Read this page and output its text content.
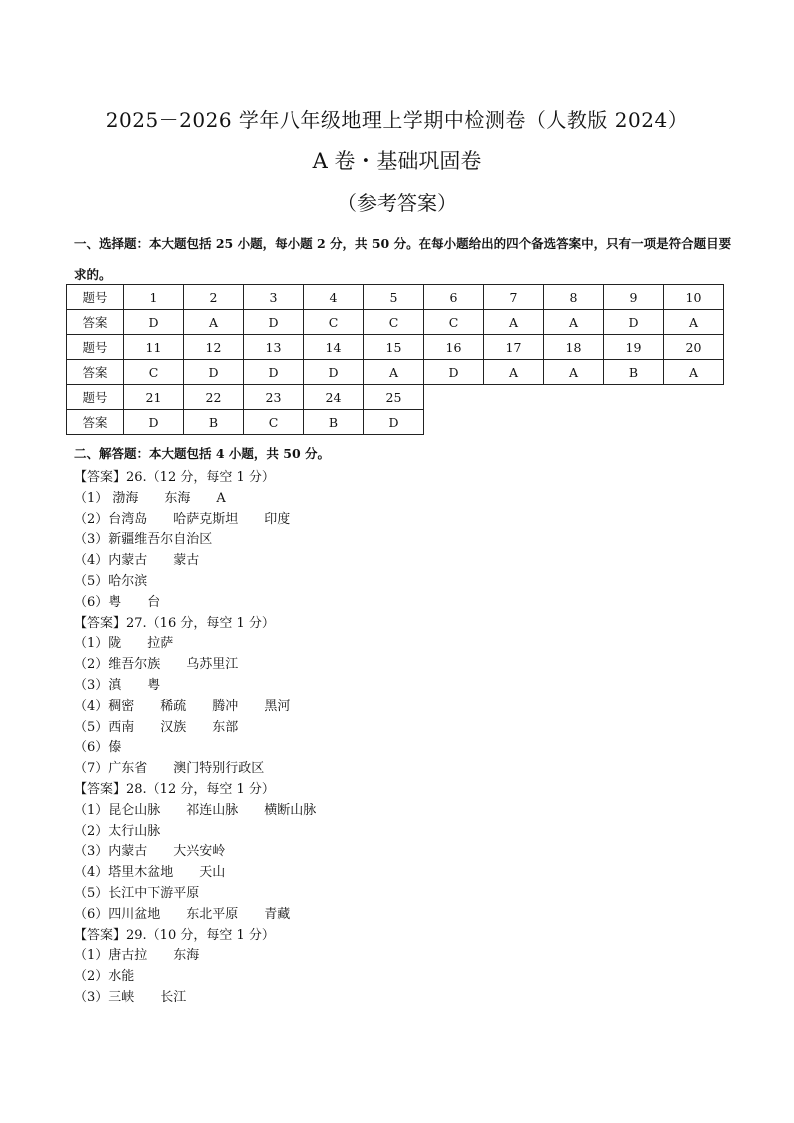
2025－2026 学年八年级地理上学期中检测卷（人教版 2024）
A 卷・基础巩固卷
（参考答案）
一、选择题：本大题包括 25 小题，每小题 2 分，共 50 分。在每小题给出的四个备选答案中，只有一项是符合题目要求的。
题号	1	2	3	4	5	6	7	8	9	10
答案	D	A	D	C	C	C	A	A	D	A
题号	11	12	13	14	15	16	17	18	19	20
答案	C	D	D	D	A	D	A	A	B	A
题号	21	22	23	24	25					
答案	D	B	C	B	D					
二、解答题：本大题包括 4 小题，共 50 分。
【答案】26.（12 分，每空 1 分）
（1） 渤海 东海 A
（2）台湾岛 哈萨克斯坦 印度
（3）新疆维吾尔自治区
（4）内蒙古 蒙古
（5）哈尔滨
（6）粤 台
【答案】27.（16 分，每空 1 分）
（1）陇 拉萨
（2）维吾尔族 乌苏里江
（3）滇 粤
（4）稠密 稀疏 腾冲 黑河
（5）西南 汉族 东部
（6）傣
（7）广东省 澳门特别行政区
【答案】28.（12 分，每空 1 分）
（1）昆仑山脉 祁连山脉 横断山脉
（2）太行山脉
（3）内蒙古 大兴安岭
（4）塔里木盆地 天山
（5）长江中下游平原
（6）四川盆地 东北平原 青藏
【答案】29.（10 分，每空 1 分）
（1）唐古拉 东海
（2）水能
（3）三峡 长江
